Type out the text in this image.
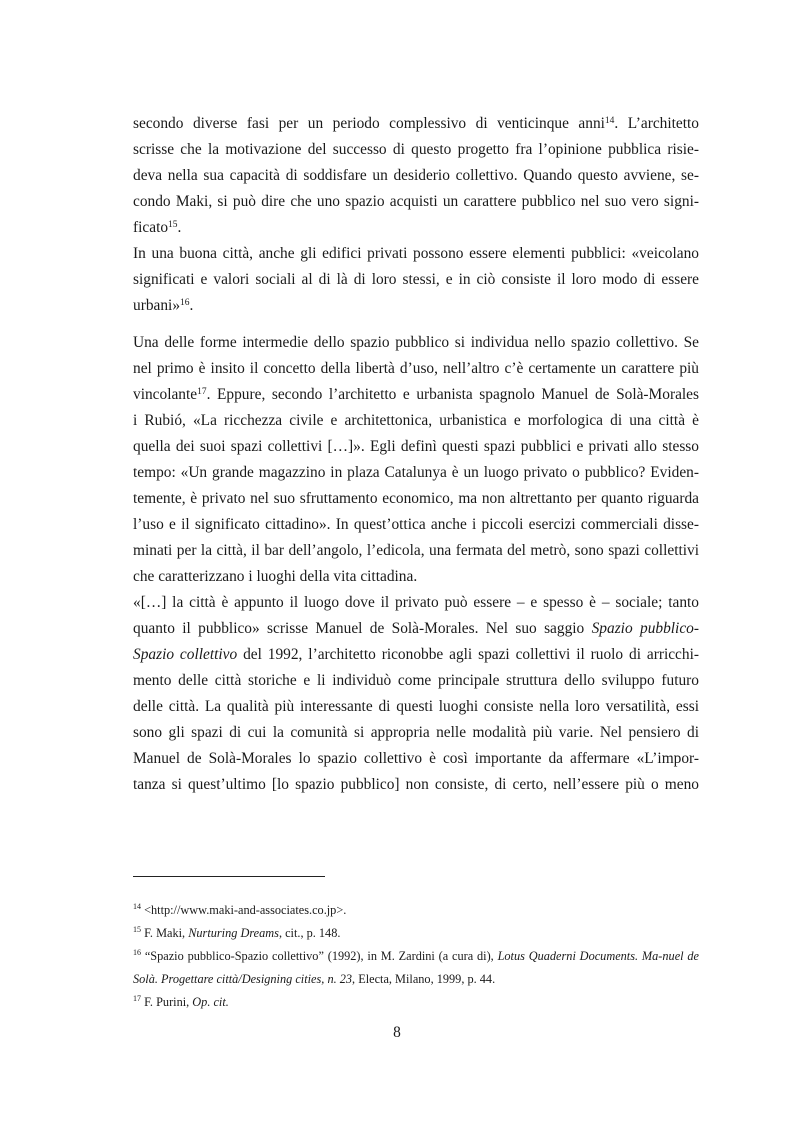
secondo diverse fasi per un periodo complessivo di venticinque anni$^{14}$. L’architetto

scrisse che la motivazione del successo di questo progetto fra l’opinione pubblica risie-

deva nella sua capacità di soddisfare un desiderio collettivo. Quando questo avviene, se-

condo Maki, si può dire che uno spazio acquisti un carattere pubblico nel suo vero signi-

ficato$^{15}$.

In una buona città, anche gli edifici privati possono essere elementi pubblici: «veicolano

significati e valori sociali al di là di loro stessi, e in ciò consiste il loro modo di essere

urbani»$^{16}$.

Una delle forme intermedie dello spazio pubblico si individua nello spazio collettivo. Se

nel primo è insito il concetto della libertà d’uso, nell’altro c’è certamente un carattere più

vincolante$^{17}$. Eppure, secondo l’architetto e urbanista spagnolo Manuel de Solà-Morales

i Rubió, «La ricchezza civile e architettonica, urbanistica e morfologica di una città è

quella dei suoi spazi collettivi […]». Egli definì questi spazi pubblici e privati allo stesso

tempo: «Un grande magazzino in plaza Catalunya è un luogo privato o pubblico? Eviden-

temente, è privato nel suo sfruttamento economico, ma non altrettanto per quanto riguarda

l’uso e il significato cittadino». In quest’ottica anche i piccoli esercizi commerciali disse-

minati per la città, il bar dell’angolo, l’edicola, una fermata del metrò, sono spazi collettivi

che caratterizzano i luoghi della vita cittadina.

«[…] la città è appunto il luogo dove il privato può essere – e spesso è – sociale; tanto

quanto il pubblico» scrisse Manuel de Solà-Morales. Nel suo saggio Spazio pubblico-

Spazio collettivo del 1992, l’architetto riconobbe agli spazi collettivi il ruolo di arricchi-

mento delle città storiche e li individuò come principale struttura dello sviluppo futuro

delle città. La qualità più interessante di questi luoghi consiste nella loro versatilità, essi

sono gli spazi di cui la comunità si appropria nelle modalità più varie. Nel pensiero di

Manuel de Solà-Morales lo spazio collettivo è così importante da affermare «L’impor-

tanza si quest’ultimo [lo spazio pubblico] non consiste, di certo, nell’essere più o meno

$^{14}$ <http://www.maki-and-associates.co.jp>.

$^{15}$ F. Maki, Nurturing Dreams, cit., p. 148.

$^{16}$ “Spazio pubblico-Spazio collettivo” (1992), in M. Zardini (a cura di), Lotus Quaderni Documents. Ma-nuel de Solà. Progettare città/Designing cities, n. 23, Electa, Milano, 1999, p. 44.

$^{17}$ F. Purini, Op. cit.

8
